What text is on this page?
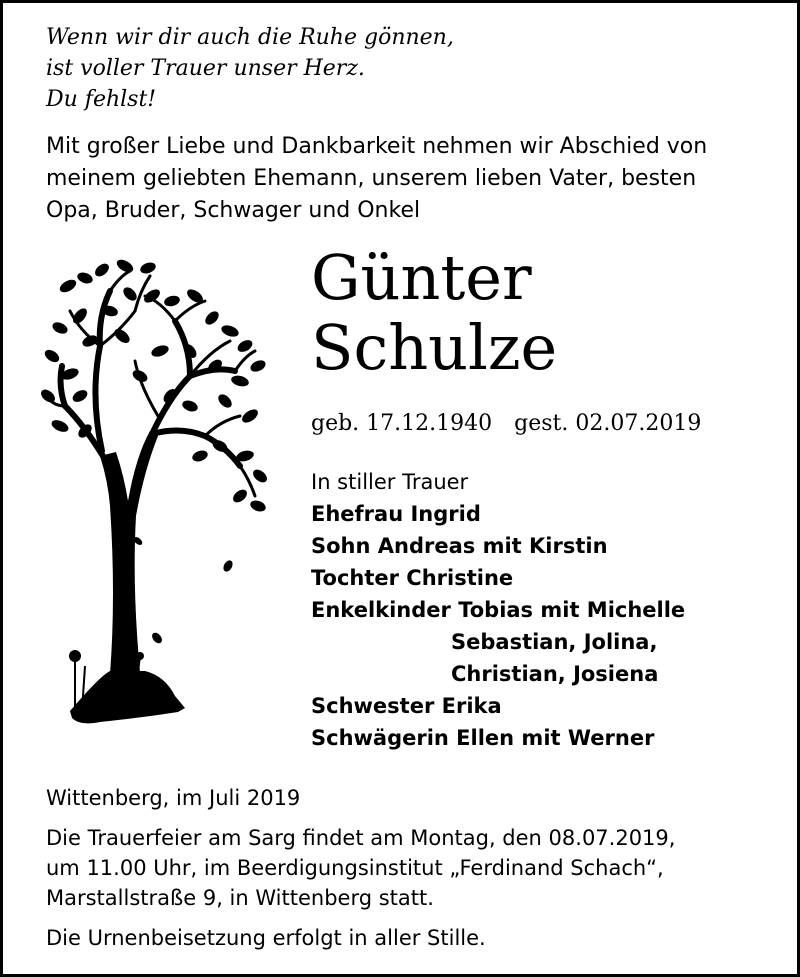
Wenn wir dir auch die Ruhe gönnen,
ist voller Trauer unser Herz.
Du fehlst!
Mit großer Liebe und Dankbarkeit nehmen wir Abschied von
meinem geliebten Ehemann, unserem lieben Vater, besten
Opa, Bruder, Schwager und Onkel
Günter
Schulze
geb. 17.12.1940 gest. 02.07.2019
In stiller Trauer
Ehefrau Ingrid
Sohn Andreas mit Kirstin
Tochter Christine
Enkelkinder Tobias mit Michelle
Sebastian, Jolina,
Christian, Josiena
Schwester Erika
Schwägerin Ellen mit Werner
Wittenberg, im Juli 2019
Die Trauerfeier am Sarg findet am Montag, den 08.07.2019,
um 11.00 Uhr, im Beerdigungsinstitut „Ferdinand Schach“,
Marstallstraße 9, in Wittenberg statt.
Die Urnenbeisetzung erfolgt in aller Stille.
